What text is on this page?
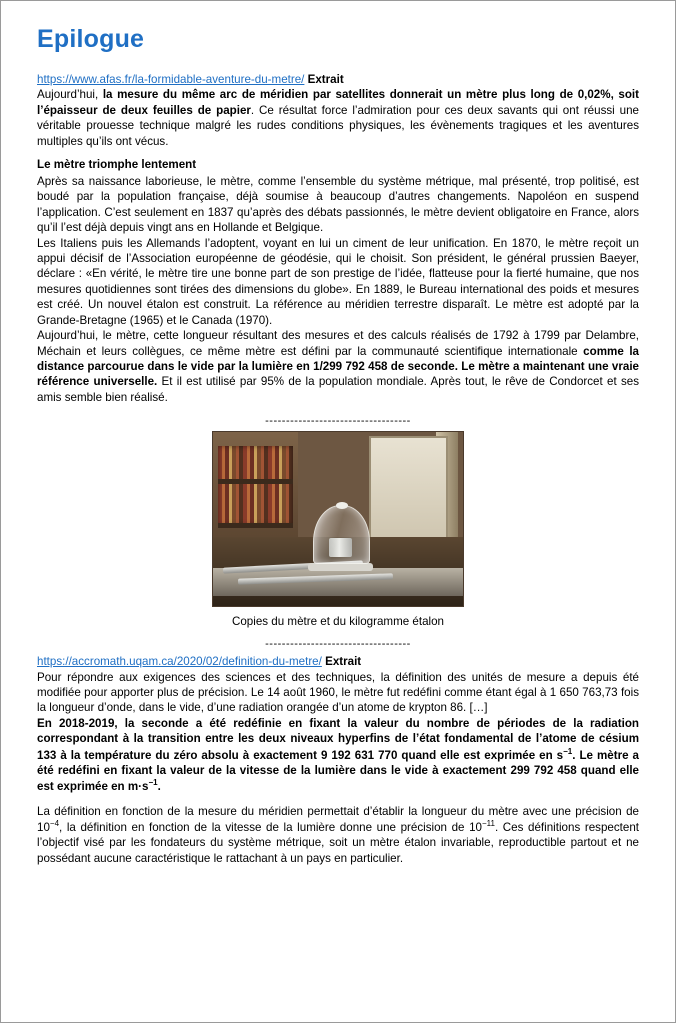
Epilogue

https://www.afas.fr/la-formidable-aventure-du-metre/ Extrait

Aujourd’hui, la mesure du même arc de méridien par satellites donnerait un mètre plus long de 0,02%, soit l’épaisseur de deux feuilles de papier. Ce résultat force l’admiration pour ces deux savants qui ont réussi une véritable prouesse technique malgré les rudes conditions physiques, les évènements tragiques et les aventures multiples qu’ils ont vécus.

Le mètre triomphe lentement

Après sa naissance laborieuse, le mètre, comme l’ensemble du système métrique, mal présenté, trop politisé, est boudé par la population française, déjà soumise à beaucoup d’autres changements. Napoléon en suspend l’application. C’est seulement en 1837 qu’après des débats passionnés, le mètre devient obligatoire en France, alors qu’il l’est déjà depuis vingt ans en Hollande et Belgique.

Les Italiens puis les Allemands l’adoptent, voyant en lui un ciment de leur unification. En 1870, le mètre reçoit un appui décisif de l’Association européenne de géodésie, qui le choisit. Son président, le général prussien Baeyer, déclare : «En vérité, le mètre tire une bonne part de son prestige de l’idée, flatteuse pour la fierté humaine, que nos mesures quotidiennes sont tirées des dimensions du globe». En 1889, le Bureau international des poids et mesures est créé. Un nouvel étalon est construit. La référence au méridien terrestre disparaît. Le mètre est adopté par la Grande-Bretagne (1965) et le Canada (1970).

Aujourd’hui, le mètre, cette longueur résultant des mesures et des calculs réalisés de 1792 à 1799 par Delambre, Méchain et leurs collègues, ce même mètre est défini par la communauté scientifique internationale comme la distance parcourue dans le vide par la lumière en 1/299 792 458 de seconde. Le mètre a maintenant une vraie référence universelle. Et il est utilisé par 95% de la population mondiale. Après tout, le rêve de Condorcet et ses amis semble bien réalisé.

-----------------------------------
Copies du mètre et du kilogramme étalon
-----------------------------------

https://accromath.uqam.ca/2020/02/definition-du-metre/ Extrait

Pour répondre aux exigences des sciences et des techniques, la définition des unités de mesure a depuis été modifiée pour apporter plus de précision. Le 14 août 1960, le mètre fut redéfini comme étant égal à 1 650 763,73 fois la longueur d’onde, dans le vide, d’une radiation orangée d’un atome de krypton 86. […]

En 2018-2019, la seconde a été redéfinie en fixant la valeur du nombre de périodes de la radiation correspondant à la transition entre les deux niveaux hyperfins de l’état fondamental de l’atome de césium 133 à la température du zéro absolu à exactement 9 192 631 770 quand elle est exprimée en $s^{-1}$. Le mètre a été redéfini en fixant la valeur de la vitesse de la lumière dans le vide à exactement 299 792 458 quand elle est exprimée en $m\cdot s^{-1}$.

La définition en fonction de la mesure du méridien permettait d’établir la longueur du mètre avec une précision de $10^{-4}$, la définition en fonction de la vitesse de la lumière donne une précision de $10^{-11}$. Ces définitions respectent l’objectif visé par les fondateurs du système métrique, soit un mètre étalon invariable, reproductible partout et ne possédant aucune caractéristique le rattachant à un pays en particulier.
